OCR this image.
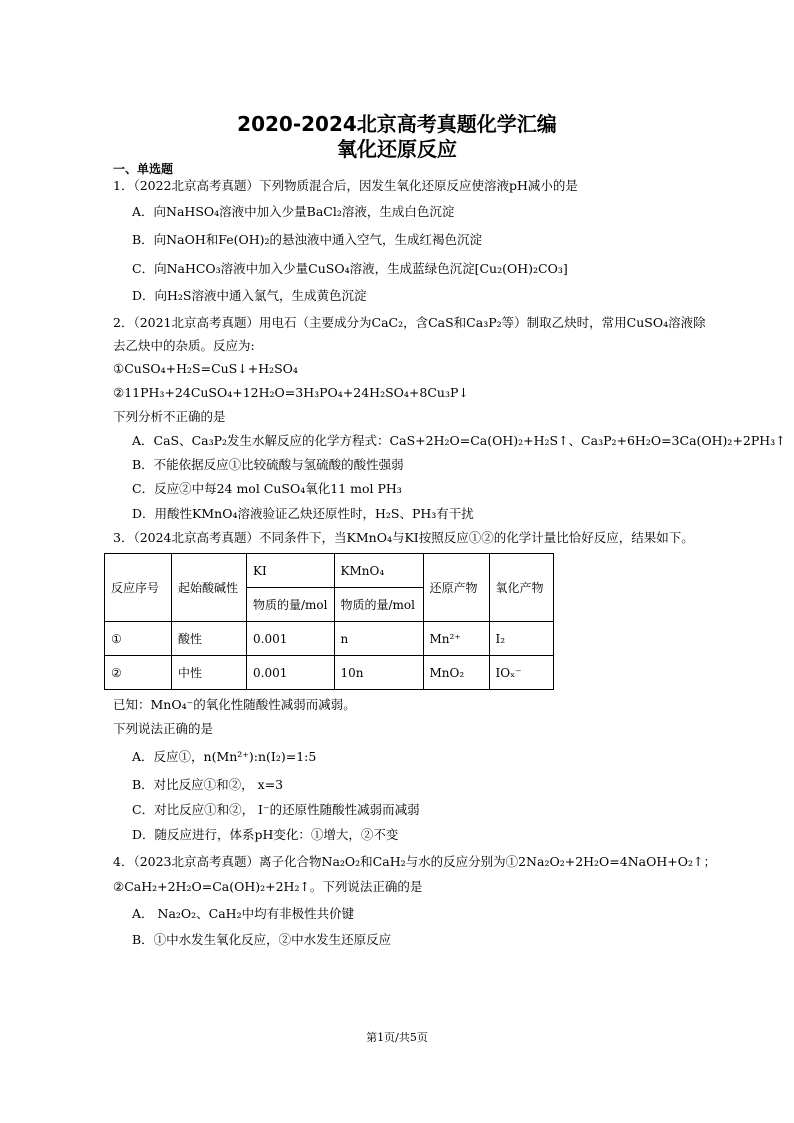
2020-2024北京高考真题化学汇编
氧化还原反应
一、单选题
1．（2022北京高考真题）下列物质混合后，因发生氧化还原反应使溶液pH减小的是
A．向NaHSO₄溶液中加入少量BaCl₂溶液，生成白色沉淀
B．向NaOH和Fe(OH)₂的悬浊液中通入空气，生成红褐色沉淀
C．向NaHCO₃溶液中加入少量CuSO₄溶液，生成蓝绿色沉淀[Cu₂(OH)₂CO₃]
D．向H₂S溶液中通入氯气，生成黄色沉淀
2．（2021北京高考真题）用电石（主要成分为CaC₂，含CaS和Ca₃P₂等）制取乙炔时，常用CuSO₄溶液除
去乙炔中的杂质。反应为:
①CuSO₄+H₂S=CuS↓+H₂SO₄
②11PH₃+24CuSO₄+12H₂O=3H₃PO₄+24H₂SO₄+8Cu₃P↓
下列分析不正确的是
A．CaS、Ca₃P₂发生水解反应的化学方程式：CaS+2H₂O=Ca(OH)₂+H₂S↑、Ca₃P₂+6H₂O=3Ca(OH)₂+2PH₃↑
B．不能依据反应①比较硫酸与氢硫酸的酸性强弱
C．反应②中每24 mol CuSO₄氧化11 mol PH₃
D．用酸性KMnO₄溶液验证乙炔还原性时，H₂S、PH₃有干扰
3．（2024北京高考真题）不同条件下，当KMnO₄与KI按照反应①②的化学计量比恰好反应，结果如下。
反应序号	起始酸碱性	KI	KMnO₄	还原产物	氧化产物
		物质的量/mol	物质的量/mol		
①	酸性	0.001	n	Mn²⁺	I₂
②	中性	0.001	10n	MnO₂	IOₓ⁻
已知：MnO₄⁻的氧化性随酸性减弱而减弱。
下列说法正确的是
A．反应①，n(Mn²⁺):n(I₂)=1:5
B．对比反应①和②， x=3
C．对比反应①和②， I⁻的还原性随酸性减弱而减弱
D．随反应进行，体系pH变化：①增大，②不变
4．（2023北京高考真题）离子化合物Na₂O₂和CaH₂与水的反应分别为①2Na₂O₂+2H₂O=4NaOH+O₂↑；
②CaH₂+2H₂O=Ca(OH)₂+2H₂↑。下列说法正确的是
A． Na₂O₂、CaH₂中均有非极性共价键
B．①中水发生氧化反应，②中水发生还原反应
第1页/共5页
